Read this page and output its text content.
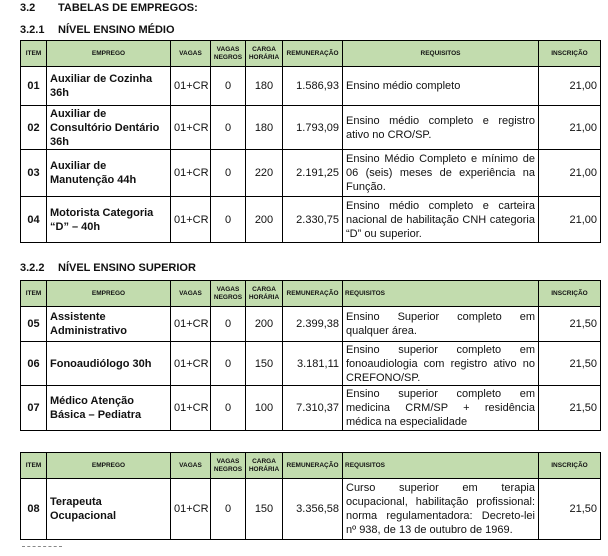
3.2 TABELAS DE EMPREGOS:
3.2.1 NÍVEL ENSINO MÉDIO
ITEM	EMPREGO	VAGAS	VAGAS NEGROS	CARGA HORÁRIA	REMUNERAÇÃO	REQUISITOS	INSCRIÇÃO
01	Auxiliar de Cozinha 36h	01+CR	0	180	1.586,93	Ensino médio completo	21,00
02	Auxiliar de Consultório Dentário 36h	01+CR	0	180	1.793,09	Ensino médio completo e registro ativo no CRO/SP.	21,00
03	Auxiliar de Manutenção 44h	01+CR	0	220	2.191,25	Ensino Médio Completo e mínimo de 06 (seis) meses de experiência na Função.	21,00
04	Motorista Categoria “D” – 40h	01+CR	0	200	2.330,75	Ensino médio completo e carteira nacional de habilitação CNH categoria “D” ou superior.	21,00
3.2.2 NÍVEL ENSINO SUPERIOR
ITEM	EMPREGO	VAGAS	VAGAS NEGROS	CARGA HORÁRIA	REMUNERAÇÃO	REQUISITOS	INSCRIÇÃO
05	Assistente Administrativo	01+CR	0	200	2.399,38	Ensino Superior completo em qualquer área.	21,50
06	Fonoaudiólogo 30h	01+CR	0	150	3.181,11	Ensino superior completo em fonoaudiologia com registro ativo no CREFONO/SP.	21,50
07	Médico Atenção Básica – Pediatra	01+CR	0	100	7.310,37	Ensino superior completo em medicina CRM/SP + residência médica na especialidade	21,50
ITEM	EMPREGO	VAGAS	VAGAS NEGROS	CARGA HORÁRIA	REMUNERAÇÃO	REQUISITOS	INSCRIÇÃO
08	Terapeuta Ocupacional	01+CR	0	150	3.356,58	Curso superior em terapia ocupacional, habilitação profissional: norma regulamentadora: Decreto-lei nº 938, de 13 de outubro de 1969.	21,50
